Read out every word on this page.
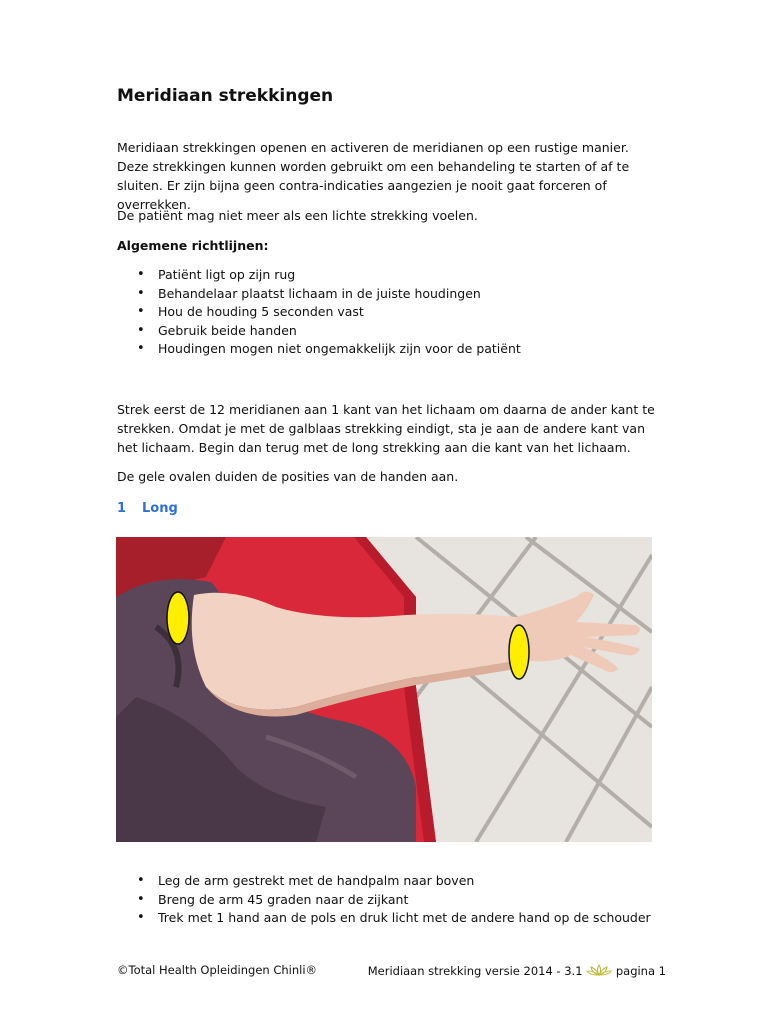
Meridiaan strekkingen

Meridiaan strekkingen openen en activeren de meridianen op een rustige manier. Deze strekkingen kunnen worden gebruikt om een behandeling te starten of af te sluiten. Er zijn bijna geen contra-indicaties aangezien je nooit gaat forceren of overrekken.

De patiënt mag niet meer als een lichte strekking voelen.

Algemene richtlijnen:

• Patiënt ligt op zijn rug
• Behandelaar plaatst lichaam in de juiste houdingen
• Hou de houding 5 seconden vast
• Gebruik beide handen
• Houdingen mogen niet ongemakkelijk zijn voor de patiënt

Strek eerst de 12 meridianen aan 1 kant van het lichaam om daarna de ander kant te strekken. Omdat je met de galblaas strekking eindigt, sta je aan de andere kant van het lichaam. Begin dan terug met de long strekking aan die kant van het lichaam.

De gele ovalen duiden de posities van de handen aan.

1 Long
• Leg de arm gestrekt met de handpalm naar boven
• Breng de arm 45 graden naar de zijkant
• Trek met 1 hand aan de pols en druk licht met de andere hand op de schouder
©Total Health Opleidingen Chinli®	Meridiaan strekking versie 2014 - 3.1	pagina 1
